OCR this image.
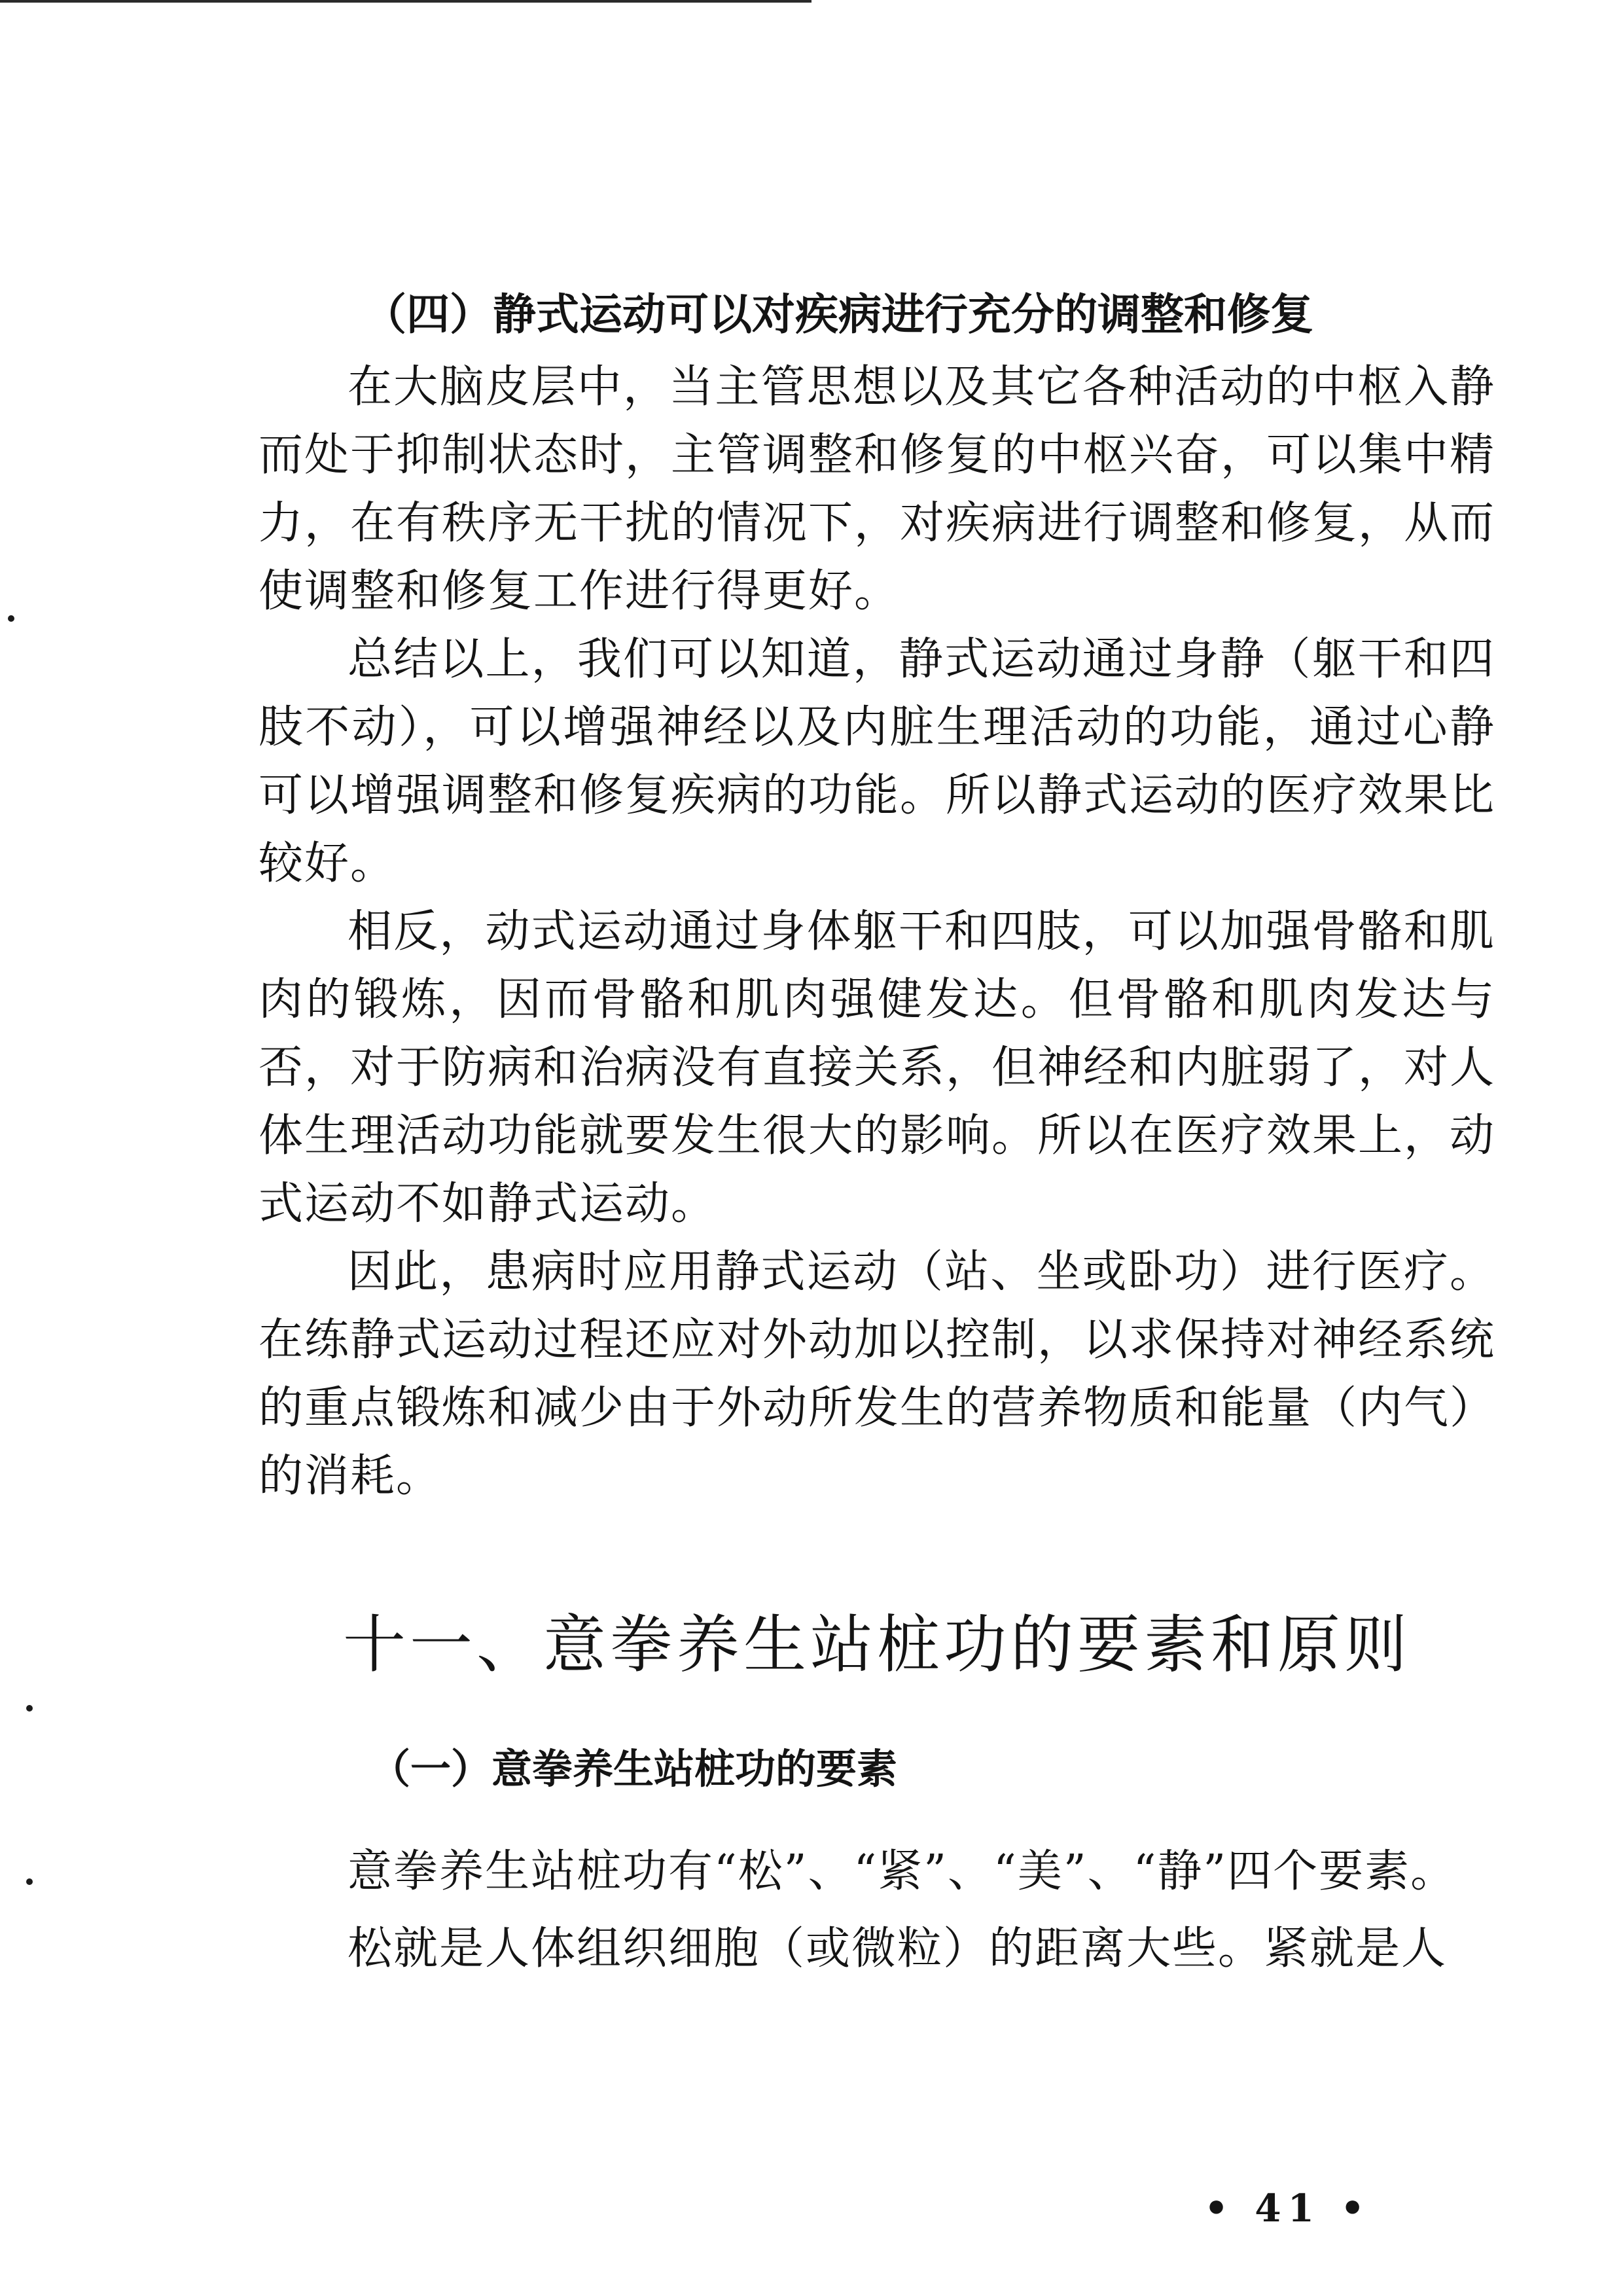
（四）静式运动可以对疾病进行充分的调整和修复

在大脑皮层中，当主管思想以及其它各种活动的中枢入静而处于抑制状态时，主管调整和修复的中枢兴奋，可以集中精力，在有秩序无干扰的情况下，对疾病进行调整和修复，从而使调整和修复工作进行得更好。

总结以上，我们可以知道，静式运动通过身静（躯干和四肢不动），可以增强神经以及内脏生理活动的功能，通过心静可以增强调整和修复疾病的功能。所以静式运动的医疗效果比较好。

相反，动式运动通过身体躯干和四肢，可以加强骨骼和肌肉的锻炼，因而骨骼和肌肉强健发达。但骨骼和肌肉发达与否，对于防病和治病没有直接关系，但神经和内脏弱了，对人体生理活动功能就要发生很大的影响。所以在医疗效果上，动式运动不如静式运动。

因此，患病时应用静式运动（站、坐或卧功）进行医疗。在练静式运动过程还应对外动加以控制，以求保持对神经系统的重点锻炼和减少由于外动所发生的营养物质和能量（内气）的消耗。

十一、意拳养生站桩功的要素和原则
（一）意拳养生站桩功的要素

意拳养生站桩功有“松”、“紧”、“美”、“静”四个要素。

松就是人体组织细胞（或微粒）的距离大些。紧就是人

• 41 •
